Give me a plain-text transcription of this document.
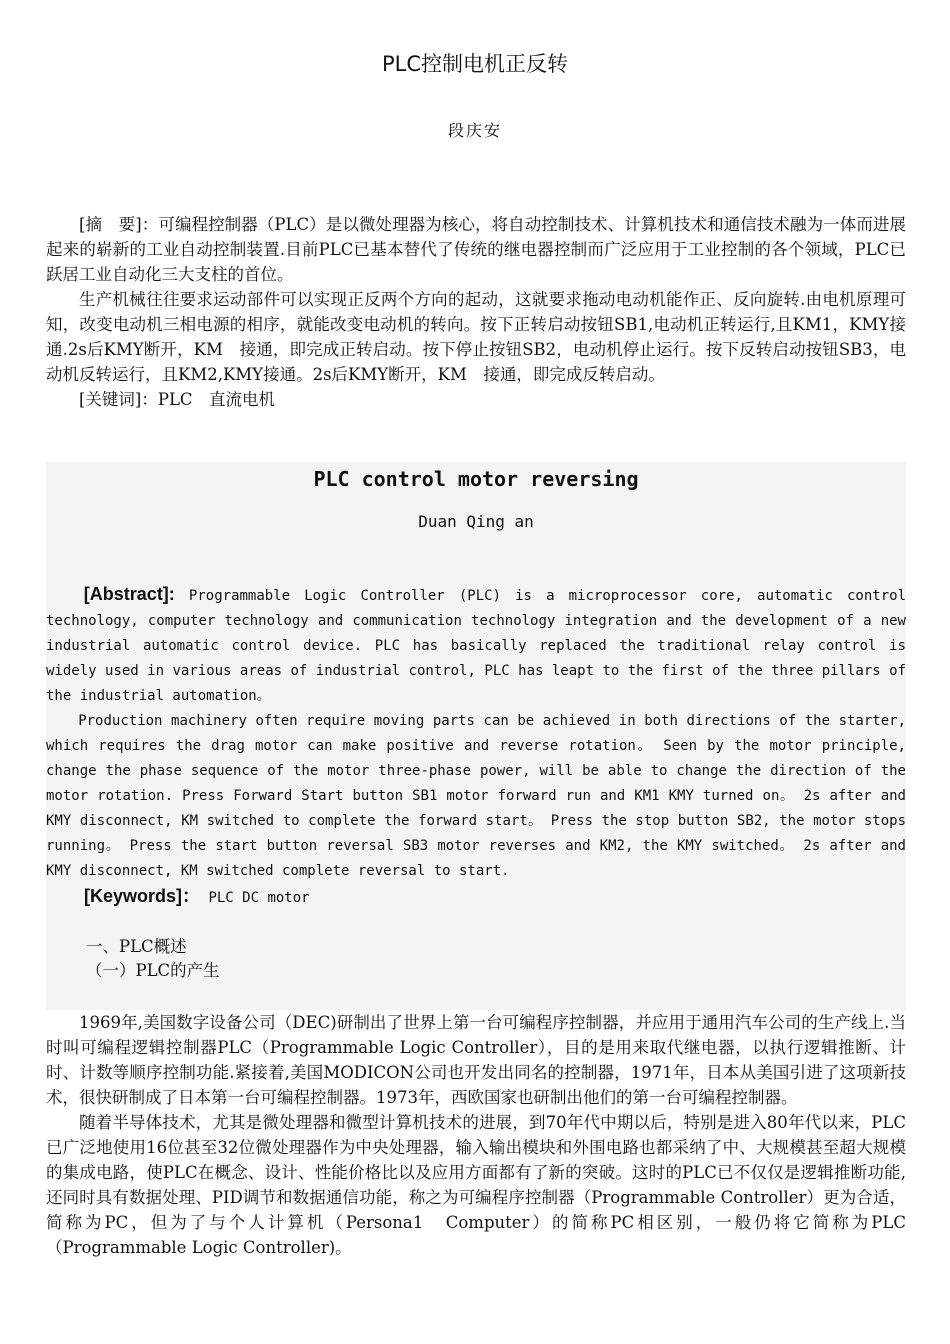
PLC控制电机正反转
段庆安

[摘　要]：可编程控制器（PLC）是以微处理器为核心，将自动控制技术、计算机技术和通信技术融为一体而进展起来的崭新的工业自动控制装置.目前PLC已基本替代了传统的继电器控制而广泛应用于工业控制的各个领域，PLC已跃居工业自动化三大支柱的首位。

生产机械往往要求运动部件可以实现正反两个方向的起动，这就要求拖动电动机能作正、反向旋转.由电机原理可知，改变电动机三相电源的相序，就能改变电动机的转向。按下正转启动按钮SB1,电动机正转运行,且KM1，KMY接通.2s后KMY断开，KM　接通，即完成正转启动。按下停止按钮SB2，电动机停止运行。按下反转启动按钮SB3，电动机反转运行，且KM2,KMY接通。2s后KMY断开，KM　接通，即完成反转启动。

[关键词]：PLC　直流电机

PLC control motor reversing
Duan Qing an

[Abstract]: Programmable Logic Controller (PLC) is a microprocessor core, automatic control technology, computer technology and communication technology integration and the development of a new industrial automatic control device. PLC has basically replaced the traditional relay control is widely used in various areas of industrial control, PLC has leapt to the first of the three pillars of the industrial automation。

Production machinery often require moving parts can be achieved in both directions of the starter, which requires the drag motor can make positive and reverse rotation。 Seen by the motor principle, change the phase sequence of the motor three-phase power, will be able to change the direction of the motor rotation. Press Forward Start button SB1 motor forward run and KM1 KMY turned on。 2s after and KMY disconnect, KM switched to complete the forward start。 Press the stop button SB2, the motor stops running。 Press the start button reversal SB3 motor reverses and KM2, the KMY switched。 2s after and KMY disconnect, KM switched complete reversal to start.

[Keywords]： PLC DC motor

一、PLC概述
（一）PLC的产生

1969年,美国数字设备公司（DEC)研制出了世界上第一台可编程序控制器，并应用于通用汽车公司的生产线上.当时叫可编程逻辑控制器PLC（Programmable Logic Controller），目的是用来取代继电器，以执行逻辑推断、计时、计数等顺序控制功能.紧接着,美国MODICON公司也开发出同名的控制器，1971年，日本从美国引进了这项新技术，很快研制成了日本第一台可编程控制器。1973年，西欧国家也研制出他们的第一台可编程控制器。

随着半导体技术，尤其是微处理器和微型计算机技术的进展，到70年代中期以后，特别是进入80年代以来，PLC已广泛地使用16位甚至32位微处理器作为中央处理器，输入输出模块和外围电路也都采纳了中、大规模甚至超大规模的集成电路，使PLC在概念、设计、性能价格比以及应用方面都有了新的突破。这时的PLC已不仅仅是逻辑推断功能,还同时具有数据处理、PID调节和数据通信功能，称之为可编程序控制器（Programmable Controller）更为合适，简称为PC，但为了与个人计算机（Persona1　Computer）的简称PC相区别，一般仍将它简称为PLC（Programmable Logic Controller)。
